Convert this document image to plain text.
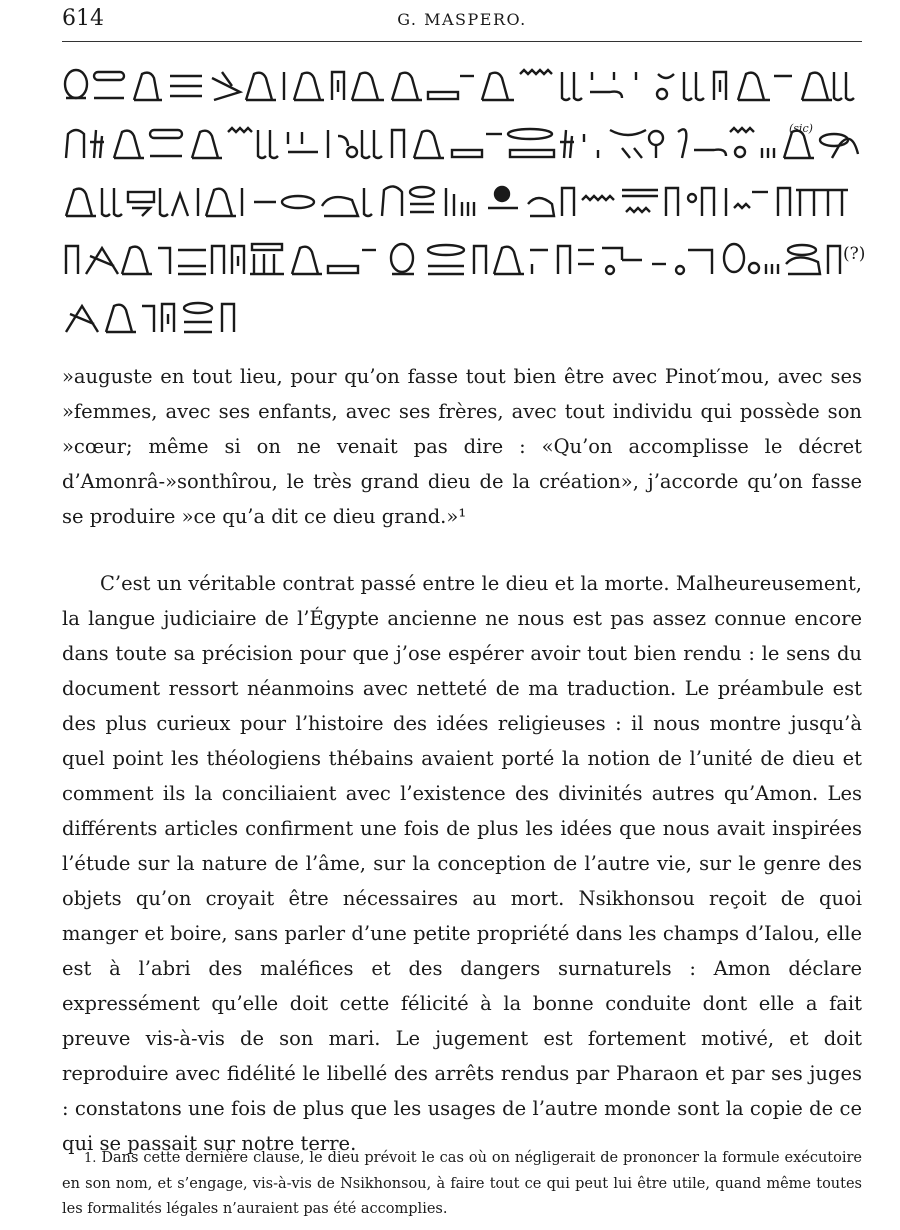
614	G. MASPERO.
(sic)
(?)
»auguste en tout lieu, pour qu’on fasse tout bien être avec Pinot′mou, avec ses »femmes, avec ses enfants, avec ses frères, avec tout individu qui possède son »cœur; même si on ne venait pas dire : «Qu’on accomplisse le décret d’Amonrâ-»sonthîrou, le très grand dieu de la création», j’accorde qu’on fasse se produire »ce qu’a dit ce dieu grand.»¹
C’est un véritable contrat passé entre le dieu et la morte. Malheureusement, la langue judiciaire de l’Égypte ancienne ne nous est pas assez connue encore dans toute sa précision pour que j’ose espérer avoir tout bien rendu : le sens du document ressort néanmoins avec netteté de ma traduction. Le préambule est des plus curieux pour l’histoire des idées religieuses : il nous montre jusqu’à quel point les théologiens thébains avaient porté la notion de l’unité de dieu et comment ils la conciliaient avec l’existence des divinités autres qu’Amon. Les différents articles confirment une fois de plus les idées que nous avait inspirées l’étude sur la nature de l’âme, sur la conception de l’autre vie, sur le genre des objets qu’on croyait être nécessaires au mort. Nsikhonsou reçoit de quoi manger et boire, sans parler d’une petite propriété dans les champs d’Ialou, elle est à l’abri des maléfices et des dangers surnaturels : Amon déclare expressément qu’elle doit cette félicité à la bonne conduite dont elle a fait preuve vis-à-vis de son mari. Le jugement est fortement motivé, et doit reproduire avec fidélité le libellé des arrêts rendus par Pharaon et par ses juges : constatons une fois de plus que les usages de l’autre monde sont la copie de ce qui se passait sur notre terre.
1. Dans cette dernière clause, le dieu prévoit le cas où on négligerait de prononcer la formule exécutoire en son nom, et s’engage, vis-à-vis de Nsikhonsou, à faire tout ce qui peut lui être utile, quand même toutes les formalités légales n’auraient pas été accomplies.
